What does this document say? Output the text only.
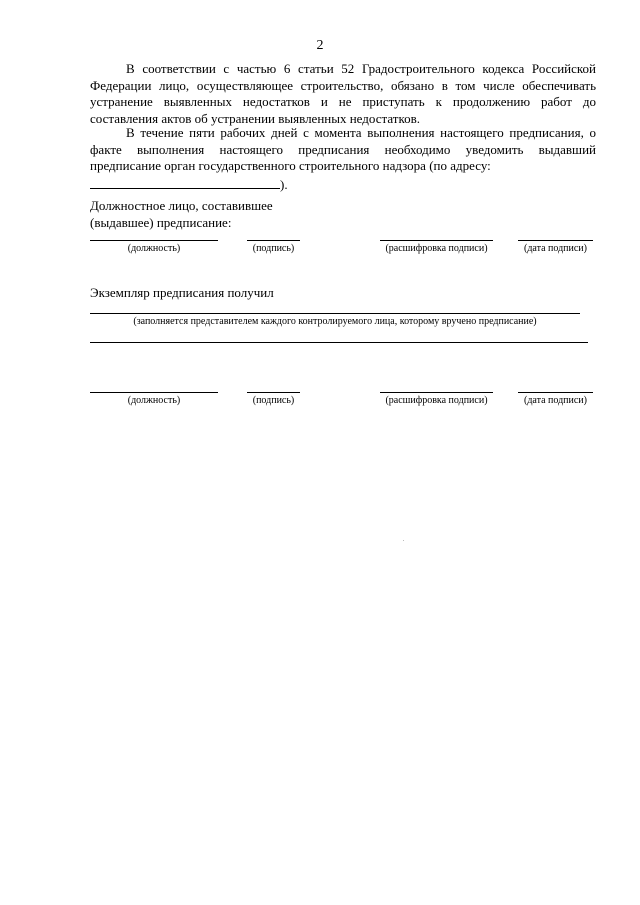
2
В соответствии с частью 6 статьи 52 Градостроительного кодекса Российской Федерации лицо, осуществляющее строительство, обязано в том числе обеспечивать устранение выявленных недостатков и не приступать к продолжению работ до составления актов об устранении выявленных недостатков.
В течение пяти рабочих дней с момента выполнения настоящего предписания, о факте выполнения настоящего предписания необходимо уведомить выдавший предписание орган государственного строительного надзора (по адресу:
).
Должностное лицо, составившее
(выдавшее) предписание:
(должность)	(подпись)	(расшифровка подписи)	(дата подписи)
Экземпляр предписания получил
(заполняется представителем каждого контролируемого лица, которому вручено предписание)
(должность)	(подпись)	(расшифровка подписи)	(дата подписи)
